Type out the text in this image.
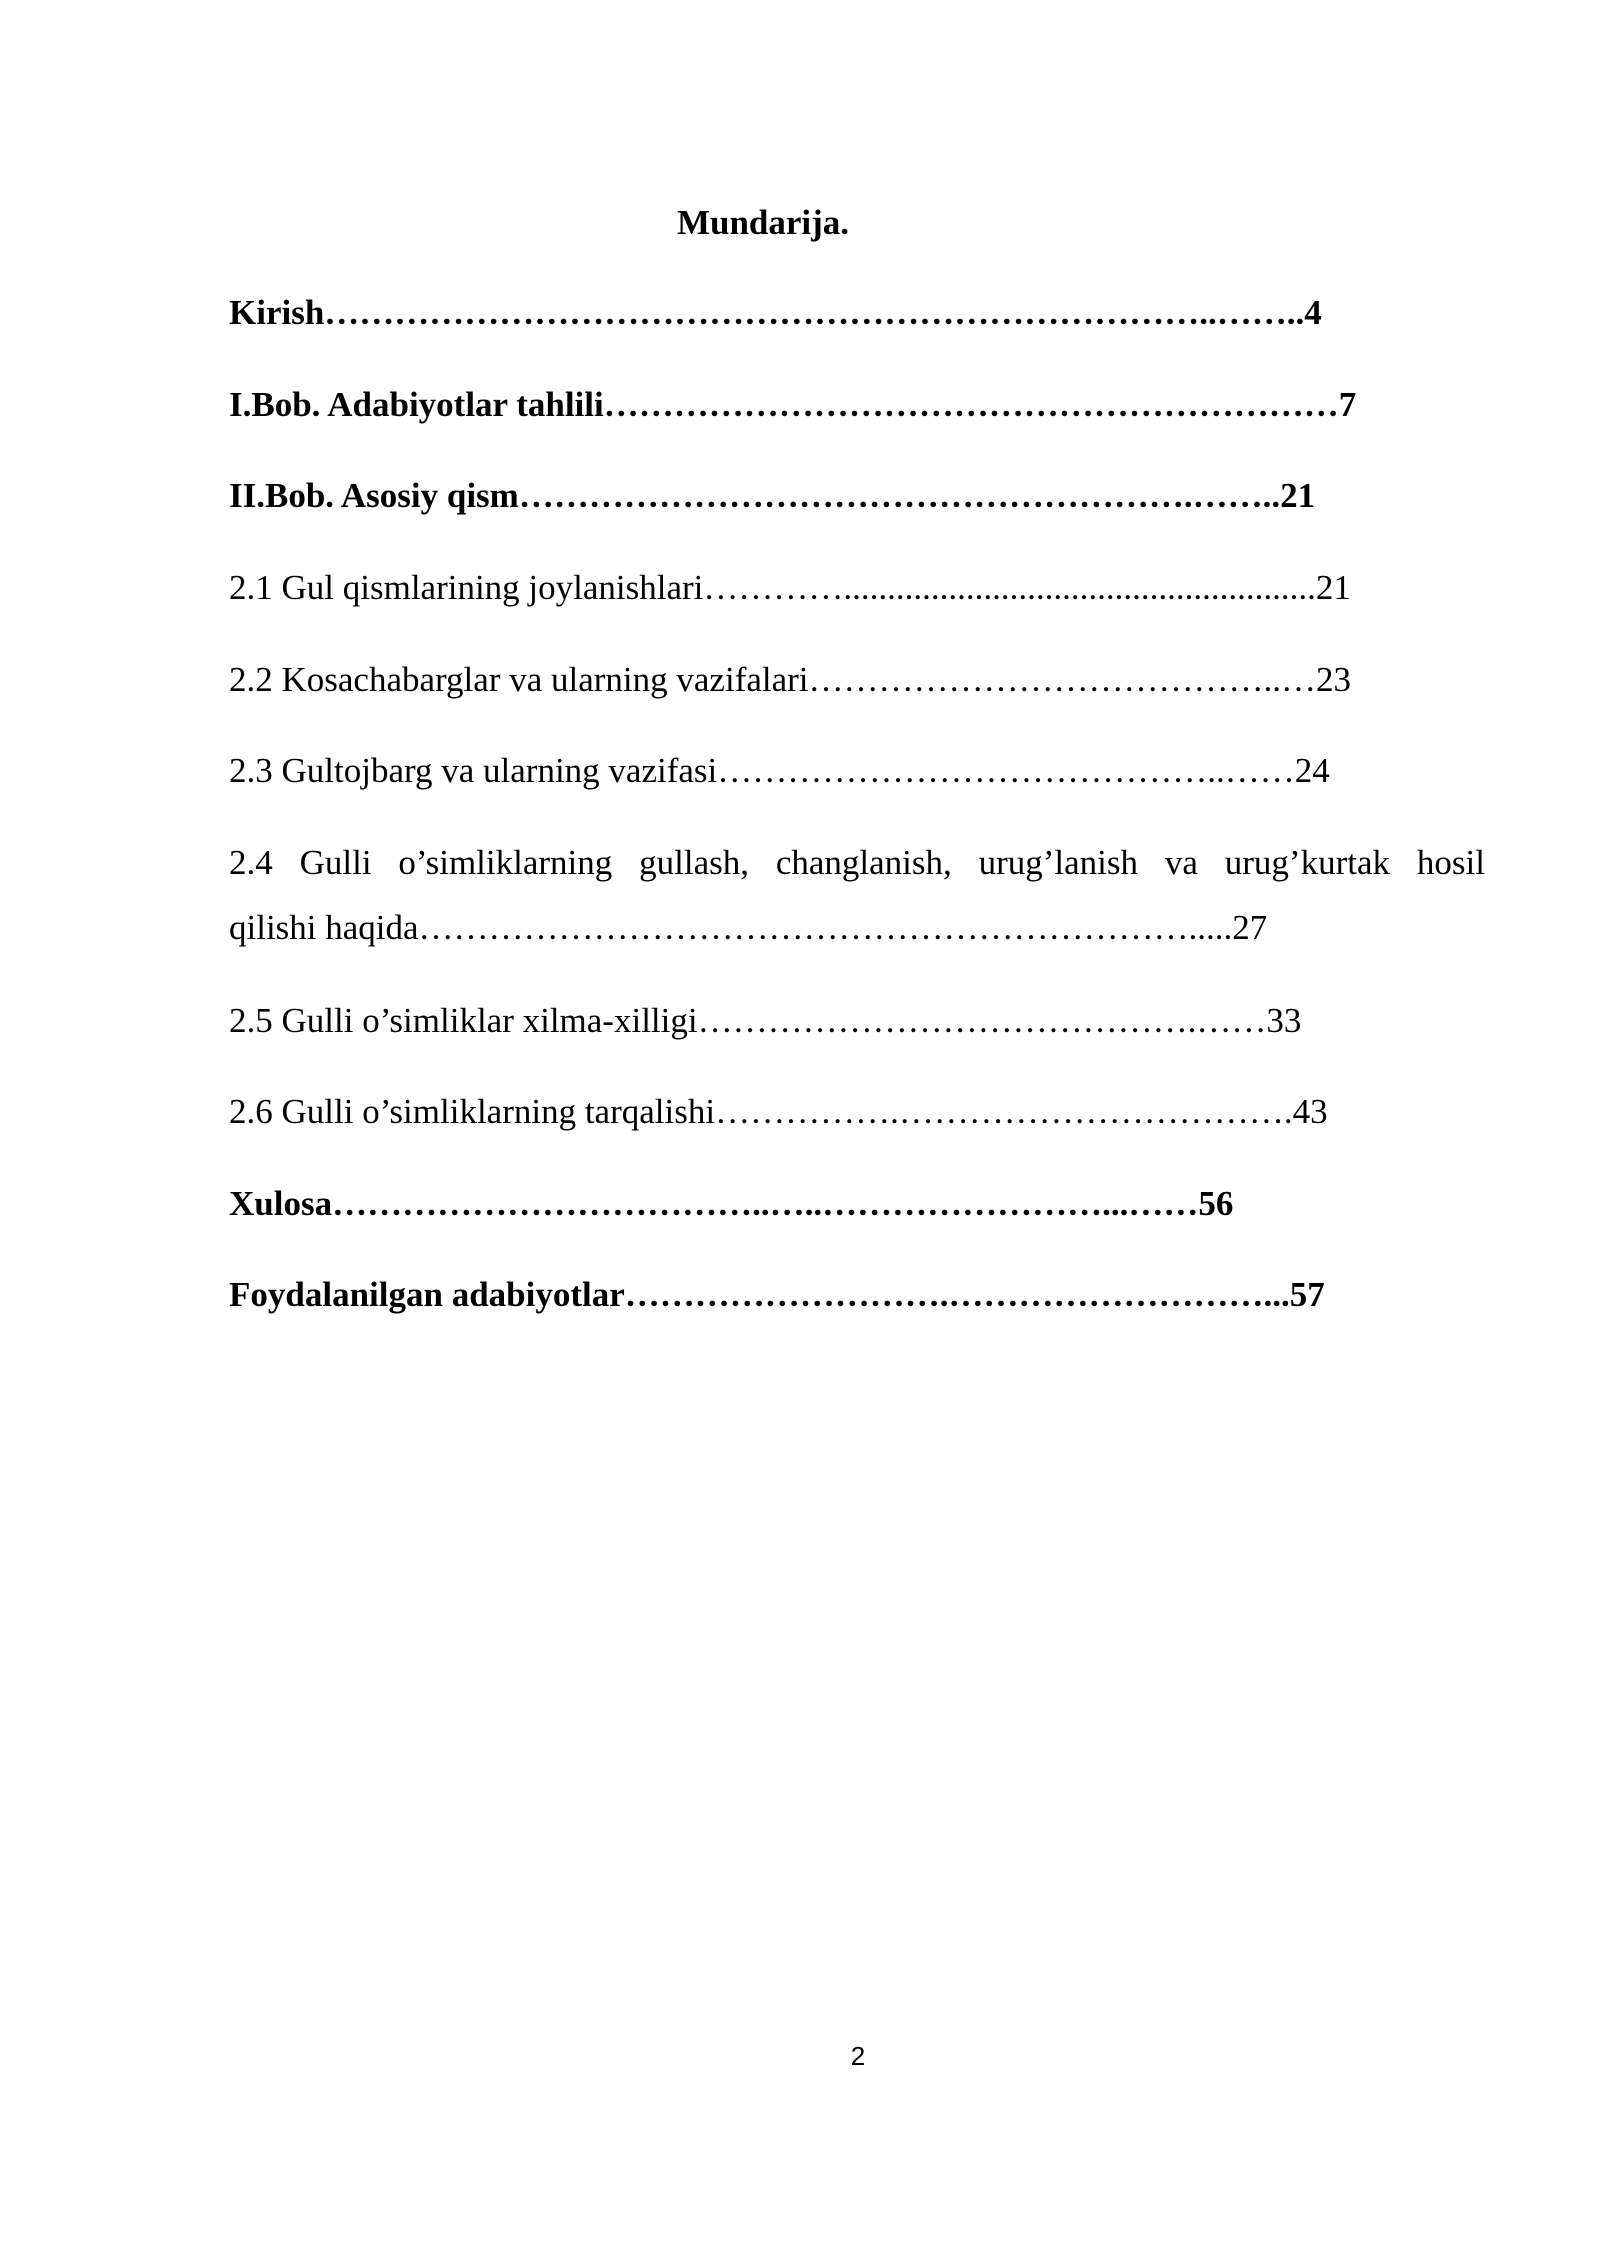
Mundarija.
Kirish…………………………………………………………………..……..4
I.Bob. Adabiyotlar tahlili………………………………………………………7
II.Bob. Asosiy qism………………………………………………….……..21
2.1 Gul qismlarining joylanishlari…………......................................................21
2.2 Kosachabarglar va ularning vazifalari…………………………………..…23
2.3 Gultojbarg va ularning vazifasi……………………………………..……24
2.4 Gulli o’simliklarning gullash, changlanish, urug’lanish va urug’kurtak hosil
qilishi haqida………………………………………………………….....27
2.5 Gulli o’simliklar xilma-xilligi…………………………………….……33
2.6 Gulli o’simliklarning tarqalishi…………….…………………………….43
Xulosa………………………………..…..……………………...……56
Foydalanilgan adabiyotlar……………………….………………………...57
2
